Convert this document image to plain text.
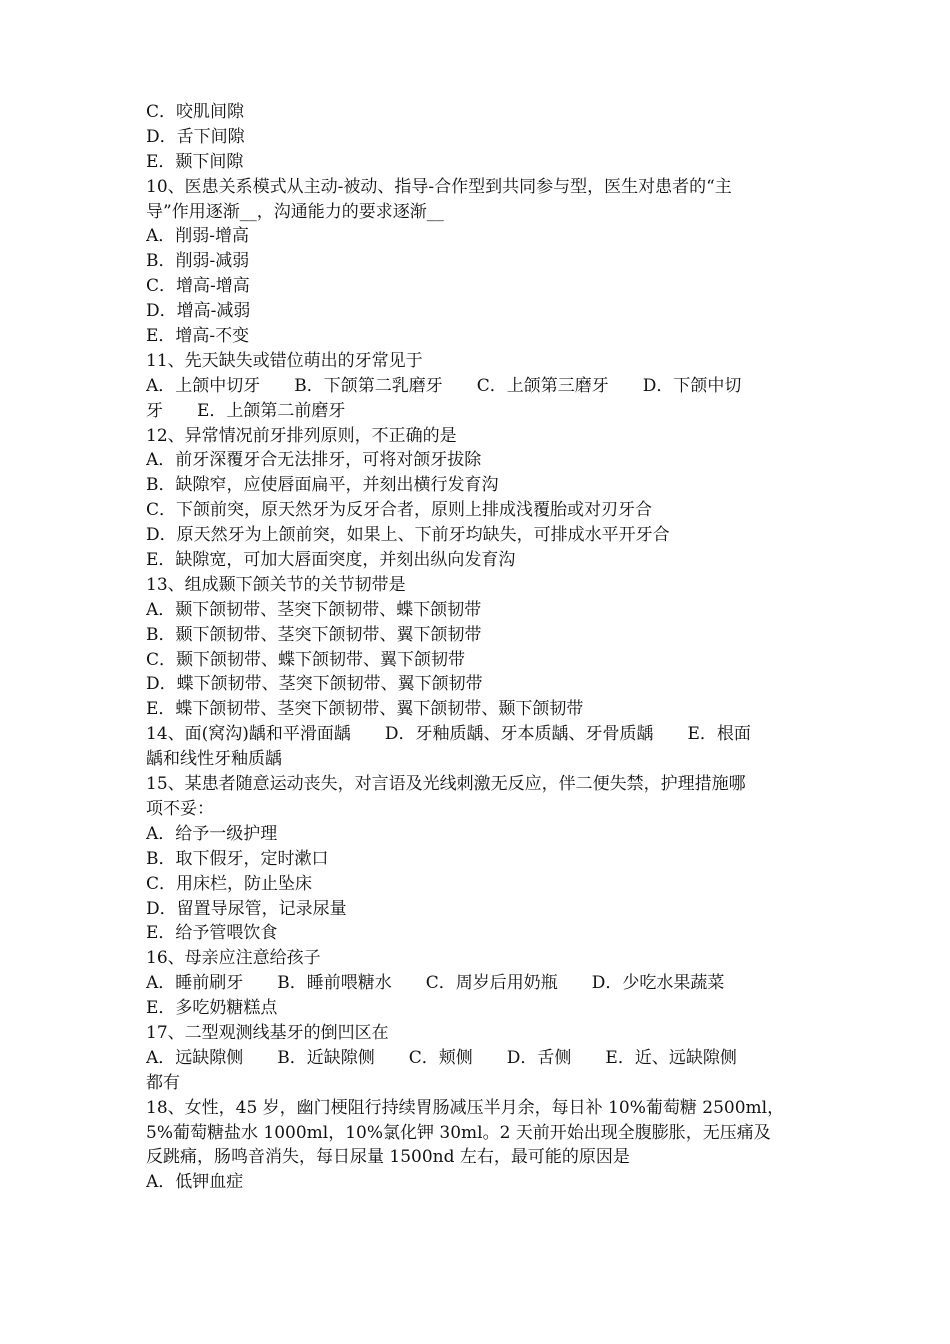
C．咬肌间隙
D．舌下间隙
E．颞下间隙
10、医患关系模式从主动-被动、指导-合作型到共同参与型，医生对患者的“主
导”作用逐渐__，沟通能力的要求逐渐__
A．削弱-增高
B．削弱-减弱
C．增高-增高
D．增高-减弱
E．增高-不变
11、先天缺失或错位萌出的牙常见于
A．上颌中切牙　　B．下颌第二乳磨牙　　C．上颌第三磨牙　　D．下颌中切
牙　　E．上颌第二前磨牙
12、异常情况前牙排列原则，不正确的是
A．前牙深覆牙合无法排牙，可将对颌牙拔除
B．缺隙窄，应使唇面扁平，并刻出横行发育沟
C．下颌前突，原天然牙为反牙合者，原则上排成浅覆胎或对刃牙合
D．原天然牙为上颌前突，如果上、下前牙均缺失，可排成水平开牙合
E．缺隙宽，可加大唇面突度，并刻出纵向发育沟
13、组成颞下颌关节的关节韧带是
A．颞下颌韧带、茎突下颌韧带、蝶下颌韧带
B．颞下颌韧带、茎突下颌韧带、翼下颌韧带
C．颞下颌韧带、蝶下颌韧带、翼下颌韧带
D．蝶下颌韧带、茎突下颌韧带、翼下颌韧带
E．蝶下颌韧带、茎突下颌韧带、翼下颌韧带、颞下颌韧带
14、面(窝沟)龋和平滑面龋　　D．牙釉质龋、牙本质龋、牙骨质龋　　E．根面
龋和线性牙釉质龋
15、某患者随意运动丧失，对言语及光线刺激无反应，伴二便失禁，护理措施哪
项不妥：
A．给予一级护理
B．取下假牙，定时漱口
C．用床栏，防止坠床
D．留置导尿管，记录尿量
E．给予管喂饮食
16、母亲应注意给孩子
A．睡前刷牙　　B．睡前喂糖水　　C．周岁后用奶瓶　　D．少吃水果蔬菜
E．多吃奶糖糕点
17、二型观测线基牙的倒凹区在
A．远缺隙侧　　B．近缺隙侧　　C．颊侧　　D．舌侧　　E．近、远缺隙侧
都有
18、女性，45 岁，幽门梗阻行持续胃肠减压半月余，每日补 10%葡萄糖 2500ml，
5%葡萄糖盐水 1000ml，10%氯化钾 30ml。2 天前开始出现全腹膨胀，无压痛及
反跳痛，肠鸣音消失，每日尿量 1500nd 左右，最可能的原因是
A．低钾血症
